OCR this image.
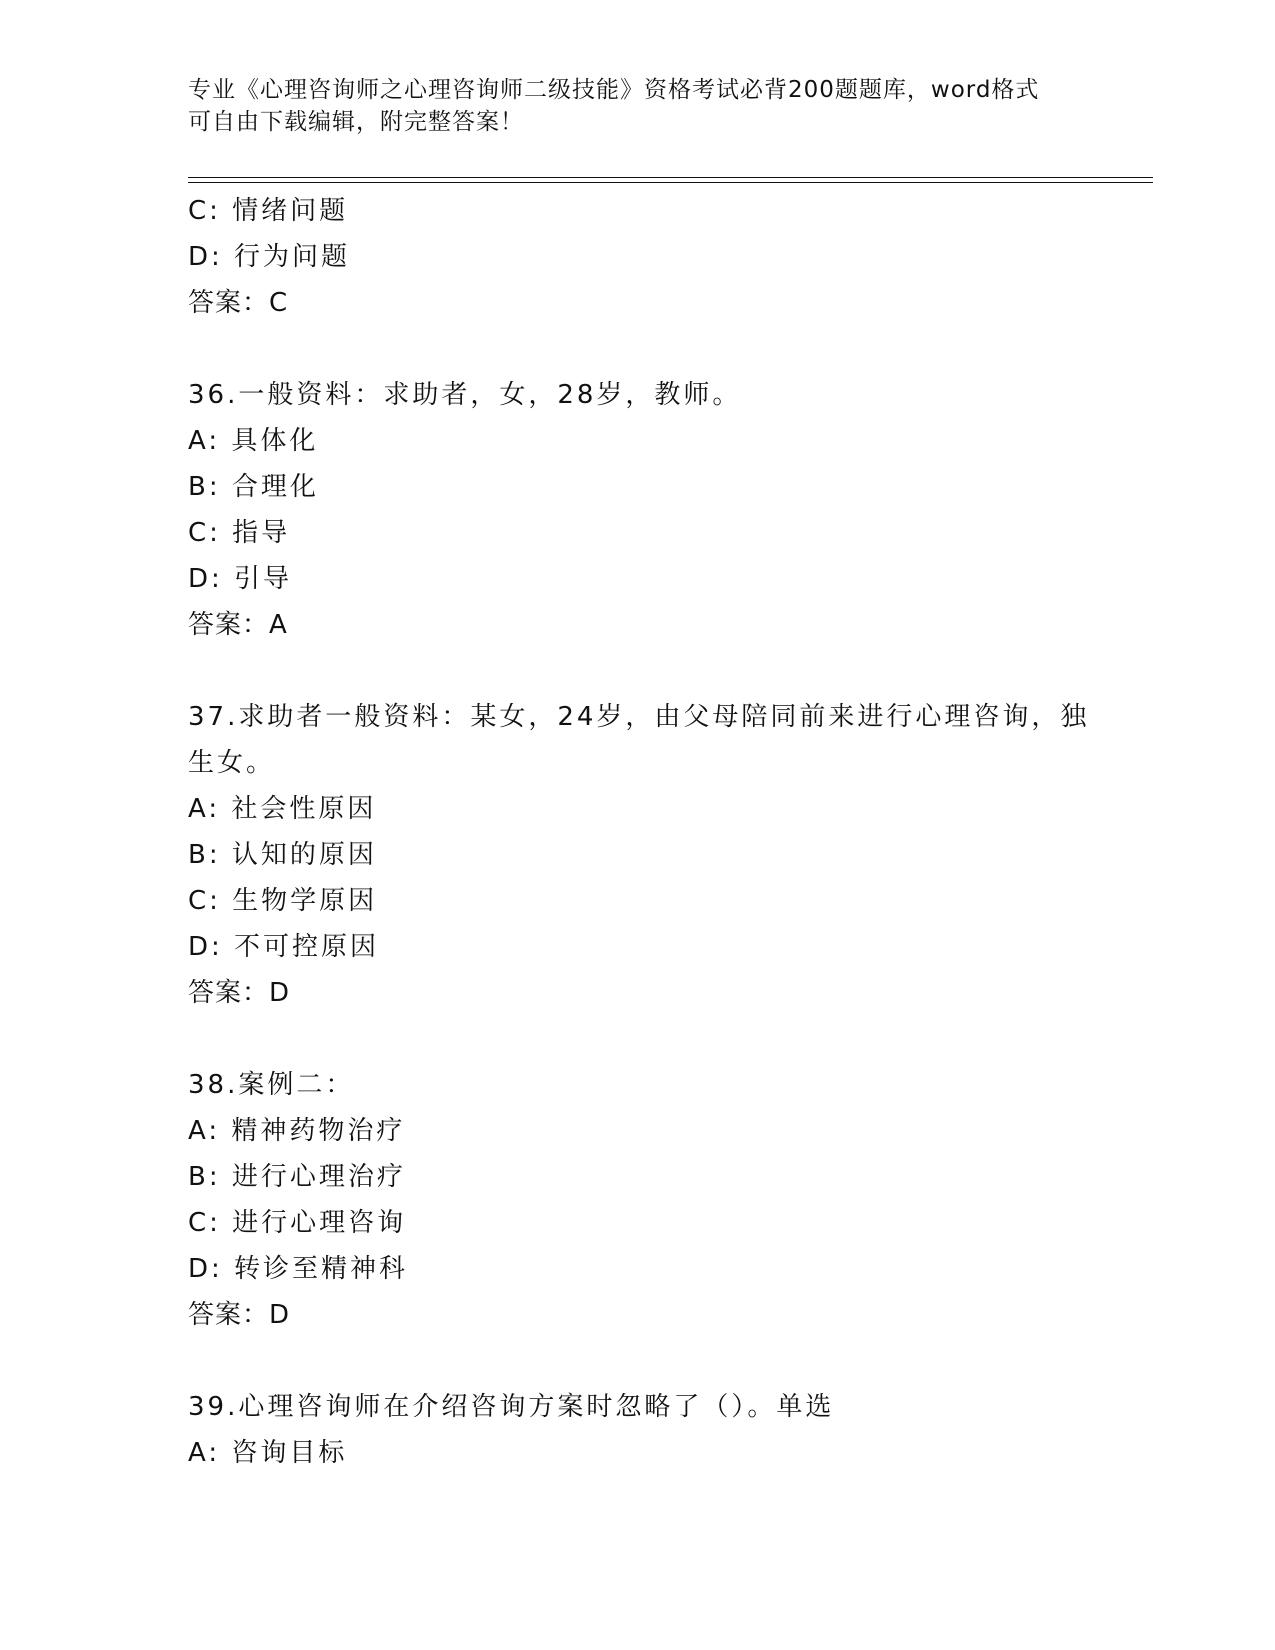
专业《心理咨询师之心理咨询师二级技能》资格考试必背200题题库，word格式
可自由下载编辑，附完整答案！
C: 情绪问题
D: 行为问题
答案：C
36.一般资料：求助者，女，28岁，教师。
A: 具体化
B: 合理化
C: 指导
D: 引导
答案：A
37.求助者一般资料：某女，24岁，由父母陪同前来进行心理咨询，独
生女。
A: 社会性原因
B: 认知的原因
C: 生物学原因
D: 不可控原因
答案：D
38.案例二：
A: 精神药物治疗
B: 进行心理治疗
C: 进行心理咨询
D: 转诊至精神科
答案：D
39.心理咨询师在介绍咨询方案时忽略了（）。单选
A: 咨询目标
